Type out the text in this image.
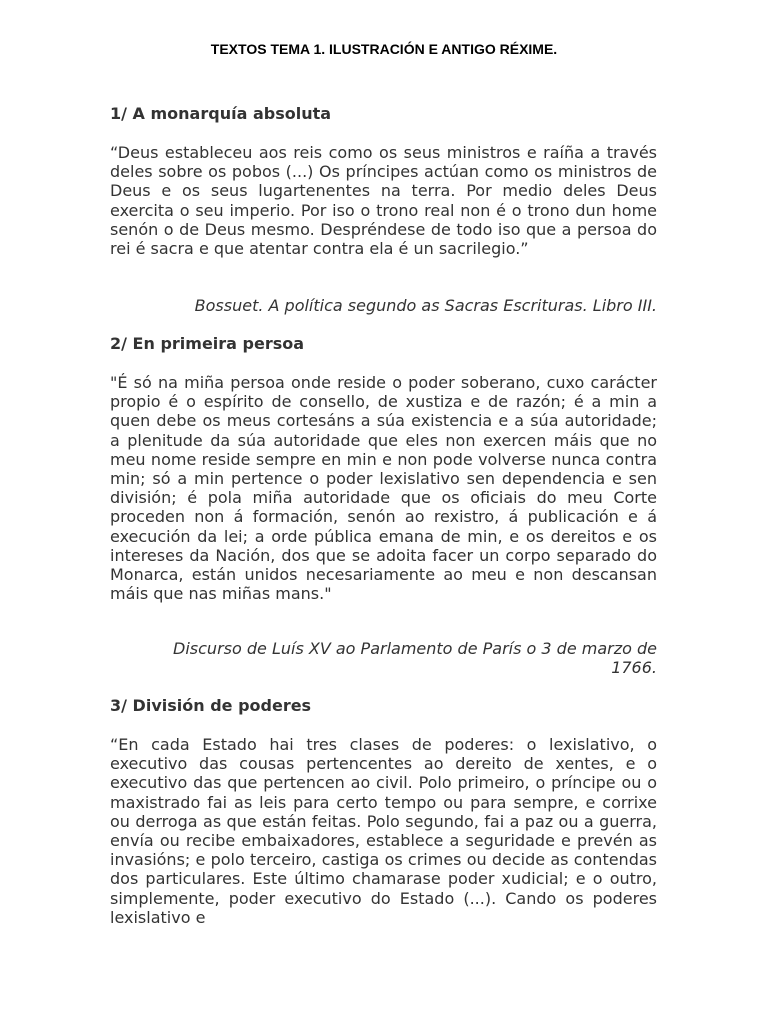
TEXTOS TEMA 1. ILUSTRACIÓN E ANTIGO RÉXIME.
1/ A monarquía absoluta

“Deus estableceu aos reis como os seus ministros e raíña a través deles sobre os pobos (...) Os príncipes actúan como os ministros de Deus e os seus lugartenentes na terra. Por medio deles Deus exercita o seu imperio. Por iso o trono real non é o trono dun home senón o de Deus mesmo. Despréndese de todo iso que a persoa do rei é sacra e que atentar contra ela é un sacrilegio.”

Bossuet. A política segundo as Sacras Escrituras. Libro III.

2/ En primeira persoa

"É só na miña persoa onde reside o poder soberano, cuxo carácter propio é o espírito de consello, de xustiza e de razón; é a min a quen debe os meus cortesáns a súa existencia e a súa autoridade; a plenitude da súa autoridade que eles non exercen máis que no meu nome reside sempre en min e non pode volverse nunca contra min; só a min pertence o poder lexislativo sen dependencia e sen división; é pola miña autoridade que os oficiais do meu Corte proceden non á formación, senón ao rexistro, á publicación e á execución da lei; a orde pública emana de min, e os dereitos e os intereses da Nación, dos que se adoita facer un corpo separado do Monarca, están unidos necesariamente ao meu e non descansan máis que nas miñas mans."

Discurso de Luís XV ao Parlamento de París o 3 de marzo de 1766.

3/ División de poderes

“En cada Estado hai tres clases de poderes: o lexislativo, o executivo das cousas pertencentes ao dereito de xentes, e o executivo das que pertencen ao civil. Polo primeiro, o príncipe ou o maxistrado fai as leis para certo tempo ou para sempre, e corrixe ou derroga as que están feitas. Polo segundo, fai a paz ou a guerra, envía ou recibe embaixadores, establece a seguridade e prevén as invasións; e polo terceiro, castiga os crimes ou decide as contendas dos particulares. Este último chamarase poder xudicial; e o outro, simplemente, poder executivo do Estado (...). Cando os poderes lexislativo e
